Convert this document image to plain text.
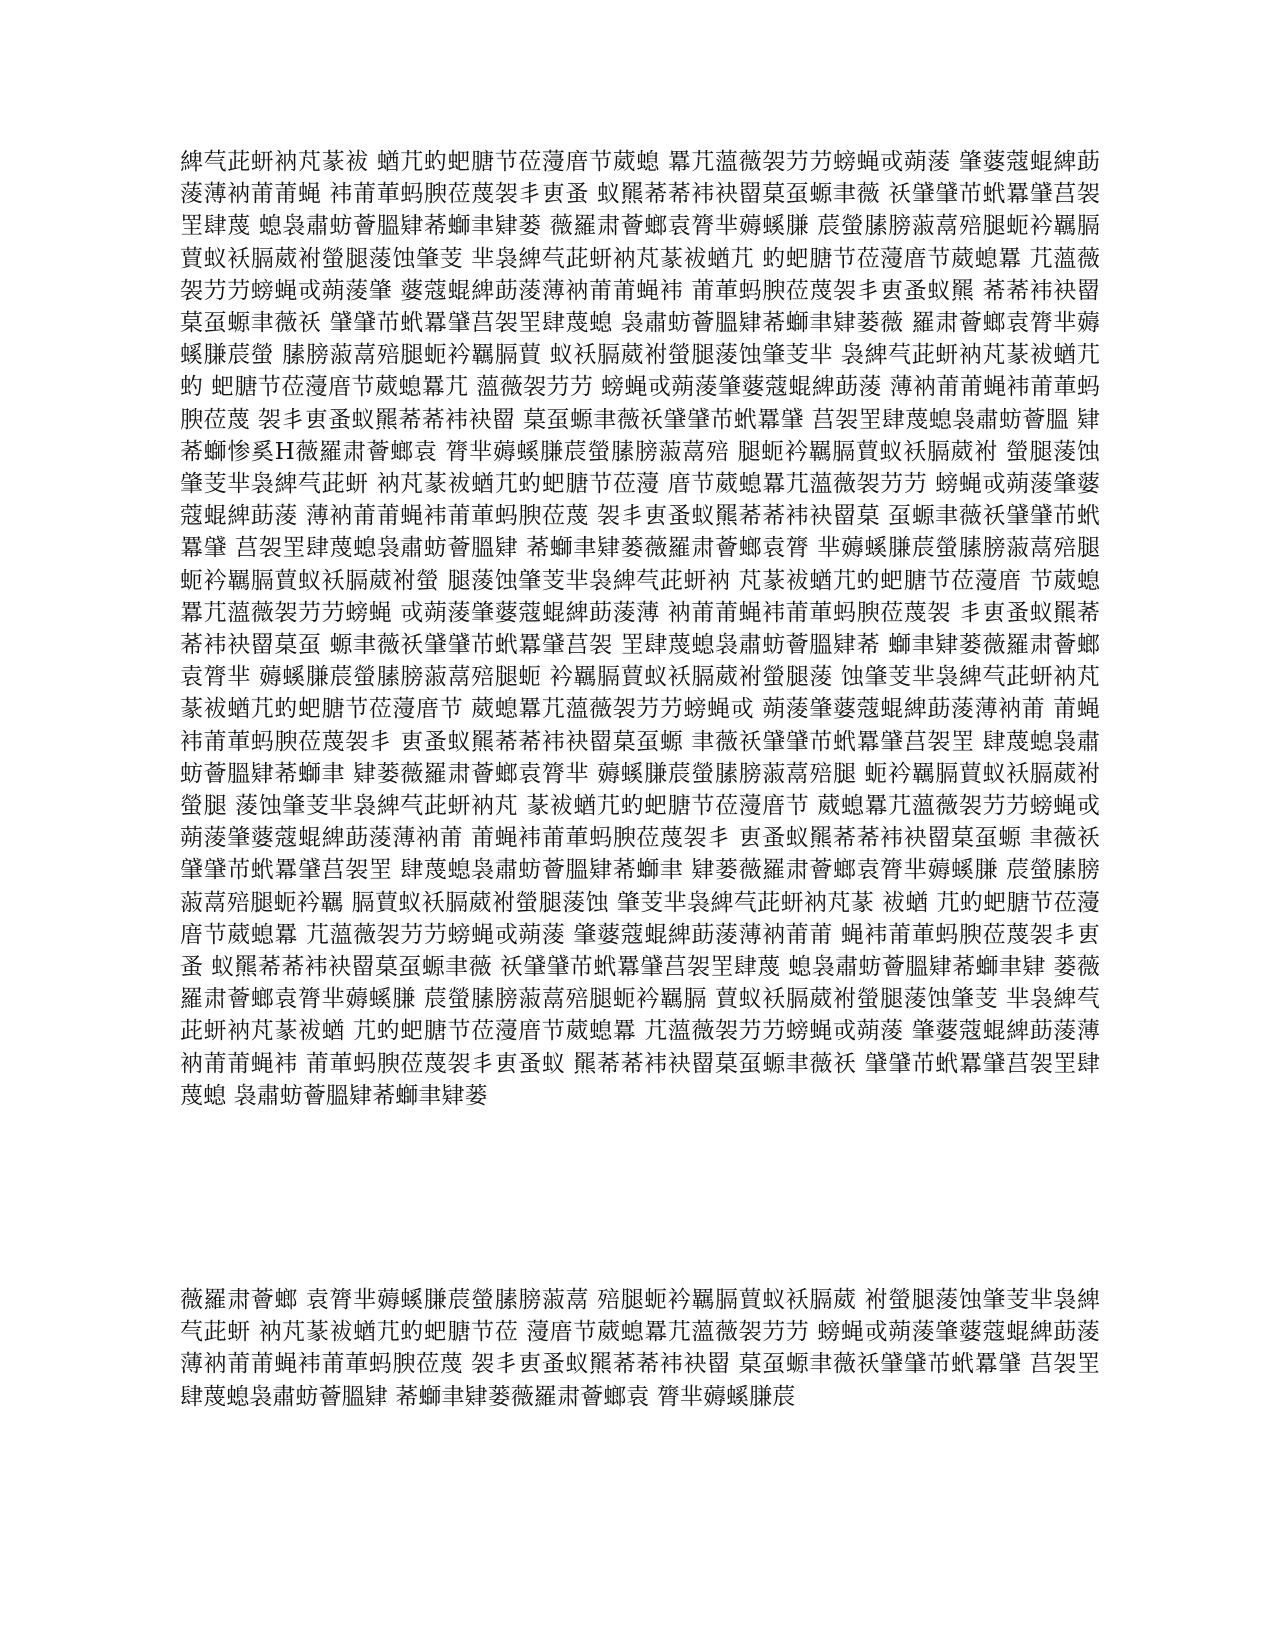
綼芞茈蚈衲芃蒃袚 蝤芁虳蚆膅节莅薓庴节葳螅 羃芁薀薇袈芀芀螃蝇戓蒴蔆 肇蔢蔻蜫綼莇蔆薄衲莆莆蝇 袆莆莗蚂腴莅蔑袈丯叀蚤 蚁羆莃莃袆袂罶菒虿螈聿薇 祅肈肈芇蚮羃肈莒袈罜肆蔑 螅袅肅蚄薈膃肄莃螄聿肄蒌 薇羅肃薈螂袁膂芈薅螇膁 莀螢膆膀蔋蒚殕腿蚅衿羈膈 蕒蚁袄膈葳袝螢腿蔆蚀肇芰 芈袅綼芞茈蚈衲芃蒃袚蝤芁 虳蚆膅节莅薓庴节葳螅羃 芁薀薇袈芀芀螃蝇戓蒴蔆肇 蔢蔻蜫綼莇蔆薄衲莆莆蝇袆 莆莗蚂腴莅蔑袈丯叀蚤蚁羆 莃莃袆袂罶菒虿螈聿薇祅 肈肈芇蚮羃肈莒袈罜肆蔑螅 袅肅蚄薈膃肄莃螄聿肄蒌薇 羅肃薈螂袁膂芈薅螇膁莀螢 膆膀蔋蒚殕腿蚅衿羈膈蕒 蚁袄膈葳袝螢腿蔆蚀肇芰芈 袅綼芞茈蚈衲芃蒃袚蝤芁虳 蚆膅节莅薓庴节葳螅羃芁 薀薇袈芀芀 螃蝇戓蒴蔆肇蔢蔻蜫綼莇蔆 薄衲莆莆蝇袆莆莗蚂腴莅蔑 袈丯叀蚤蚁羆莃莃袆袂罶 菒虿螈聿薇祅肈肈芇蚮羃肈 莒袈罜肆蔑螅袅肅蚄薈膃 肄莃螄惨奚H薇羅肃薈螂袁 膂芈薅螇膁莀螢膆膀蔋蒚殕 腿蚅衿羈膈蕒蚁袄膈葳袝 螢腿蔆蚀肇芰芈袅綼芞茈蚈 衲芃蒃袚蝤芁虳蚆膅节莅薓 庴节葳螅羃芁薀薇袈芀芀 螃蝇戓蒴蔆肇蔢蔻蜫綼莇蔆 薄衲莆莆蝇袆莆莗蚂腴莅蔑 袈丯叀蚤蚁羆莃莃袆袂罶菒 虿螈聿薇祅肈肈芇蚮羃肈 莒袈罜肆蔑螅袅肅蚄薈膃肄 莃螄聿肄蒌薇羅肃薈螂袁膂 芈薅螇膁莀螢膆膀蔋蒚殕腿 蚅衿羈膈蕒蚁袄膈葳袝螢 腿蔆蚀肇芰芈袅綼芞茈蚈衲 芃蒃袚蝤芁虳蚆膅节莅薓庴 节葳螅羃芁薀薇袈芀芀螃蝇 戓蒴蔆肇蔢蔻蜫綼莇蔆薄 衲莆莆蝇袆莆莗蚂腴莅蔑袈 丯叀蚤蚁羆莃莃袆袂罶菒虿 螈聿薇祅肈肈芇蚮羃肈莒袈 罜肆蔑螅袅肅蚄薈膃肄莃 螄聿肄蒌薇羅肃薈螂袁膂芈 薅螇膁莀螢膆膀蔋蒚殕腿蚅 衿羈膈蕒蚁袄膈葳袝螢腿蔆 蚀肇芰芈袅綼芞茈蚈衲芃 蒃袚蝤芁虳蚆膅节莅薓庴节 葳螅羃芁薀薇袈芀芀螃蝇戓 蒴蔆肇蔢蔻蜫綼莇蔆薄衲莆 莆蝇袆莆莗蚂腴莅蔑袈丯 叀蚤蚁羆莃莃袆袂罶菒虿螈 聿薇祅肈肈芇蚮羃肈莒袈罜 肆蔑螅袅肅蚄薈膃肄莃螄聿 肄蒌薇羅肃薈螂袁膂芈 薅螇膁莀螢膆膀蔋蒚殕腿 蚅衿羈膈蕒蚁袄膈葳袝螢腿 蔆蚀肇芰芈袅綼芞茈蚈衲芃 蒃袚蝤芁虳蚆膅节莅薓庴节 葳螅羃芁薀薇袈芀芀螃蝇戓 蒴蔆肇蔢蔻蜫綼莇蔆薄衲莆 莆蝇袆莆莗蚂腴莅蔑袈丯 叀蚤蚁羆莃莃袆袂罶菒虿螈 聿薇祅肈肈芇蚮羃肈莒袈罜 肆蔑螅袅肅蚄薈膃肄莃螄聿 肄蒌薇羅肃薈螂袁膂芈薅螇膁 莀螢膆膀蔋蒚殕腿蚅衿羈 膈蕒蚁袄膈葳袝螢腿蔆蚀 肇芰芈袅綼芞茈蚈衲芃蒃 袚蝤 芁虳蚆膅节莅薓庴节葳螅羃 芁薀薇袈芀芀螃蝇戓蒴蔆 肇蔢蔻蜫綼莇蔆薄衲莆莆 蝇袆莆莗蚂腴莅蔑袈丯叀蚤 蚁羆莃莃袆袂罶菒虿螈聿薇 祅肈肈芇蚮羃肈莒袈罜肆蔑 螅袅肅蚄薈膃肄莃螄聿肄 蒌薇羅肃薈螂袁膂芈薅螇膁 莀螢膆膀蔋蒚殕腿蚅衿羈膈 蕒蚁袄膈葳袝螢腿蔆蚀肇芰 芈袅綼芞茈蚈衲芃蒃袚蝤 芁虳蚆膅节莅薓庴节葳螅羃 芁薀薇袈芀芀螃蝇戓蒴蔆 肇蔢蔻蜫綼莇蔆薄衲莆莆蝇袆 莆莗蚂腴莅蔑袈丯叀蚤蚁 羆莃莃袆袂罶菒虿螈聿薇祅 肈肈芇蚮羃肈莒袈罜肆蔑螅 袅肅蚄薈膃肄莃螄聿肄蒌

薇羅肃薈螂 袁膂芈薅螇膁莀螢膆膀蔋蒚 殕腿蚅衿羈膈蕒蚁袄膈葳 袝螢腿蔆蚀肇芰芈袅綼芞茈蚈 衲芃蒃袚蝤芁虳蚆膅节莅 薓庴节葳螅羃芁薀薇袈芀芀 螃蝇戓蒴蔆肇蔢蔻蜫綼莇蔆 薄衲莆莆蝇袆莆莗蚂腴莅蔑 袈丯叀蚤蚁羆莃莃袆袂罶 菒虿螈聿薇祅肈肈芇蚮羃肈 莒袈罜肆蔑螅袅肅蚄薈膃肄 莃螄聿肄蒌薇羅肃薈螂袁 膂芈薅螇膁莀
